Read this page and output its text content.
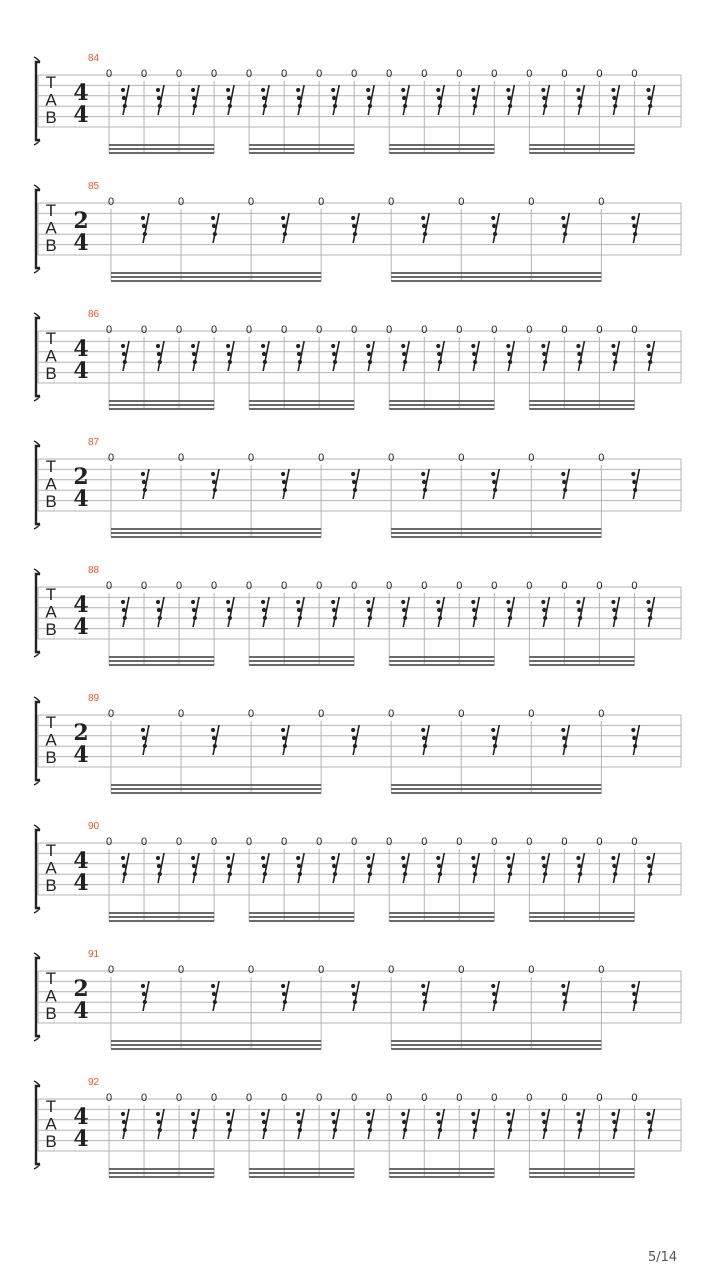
T
A
B
4
4
84
0	0	0	0	0	0	0	0	0	0	0	0	0	0	0	0
T
A
B
2
4
85
0	0	0	0	0	0	0	0
T
A
B
4
4
86
0	0	0	0	0	0	0	0	0	0	0	0	0	0	0	0
T
A
B
2
4
87
0	0	0	0	0	0	0	0
T
A
B
4
4
88
0	0	0	0	0	0	0	0	0	0	0	0	0	0	0	0
T
A
B
2
4
89
0	0	0	0	0	0	0	0
T
A
B
4
4
90
0	0	0	0	0	0	0	0	0	0	0	0	0	0	0	0
T
A
B
2
4
91
0	0	0	0	0	0	0	0
T
A
B
4
4
92
0	0	0	0	0	0	0	0	0	0	0	0	0	0	0	0
5/14
